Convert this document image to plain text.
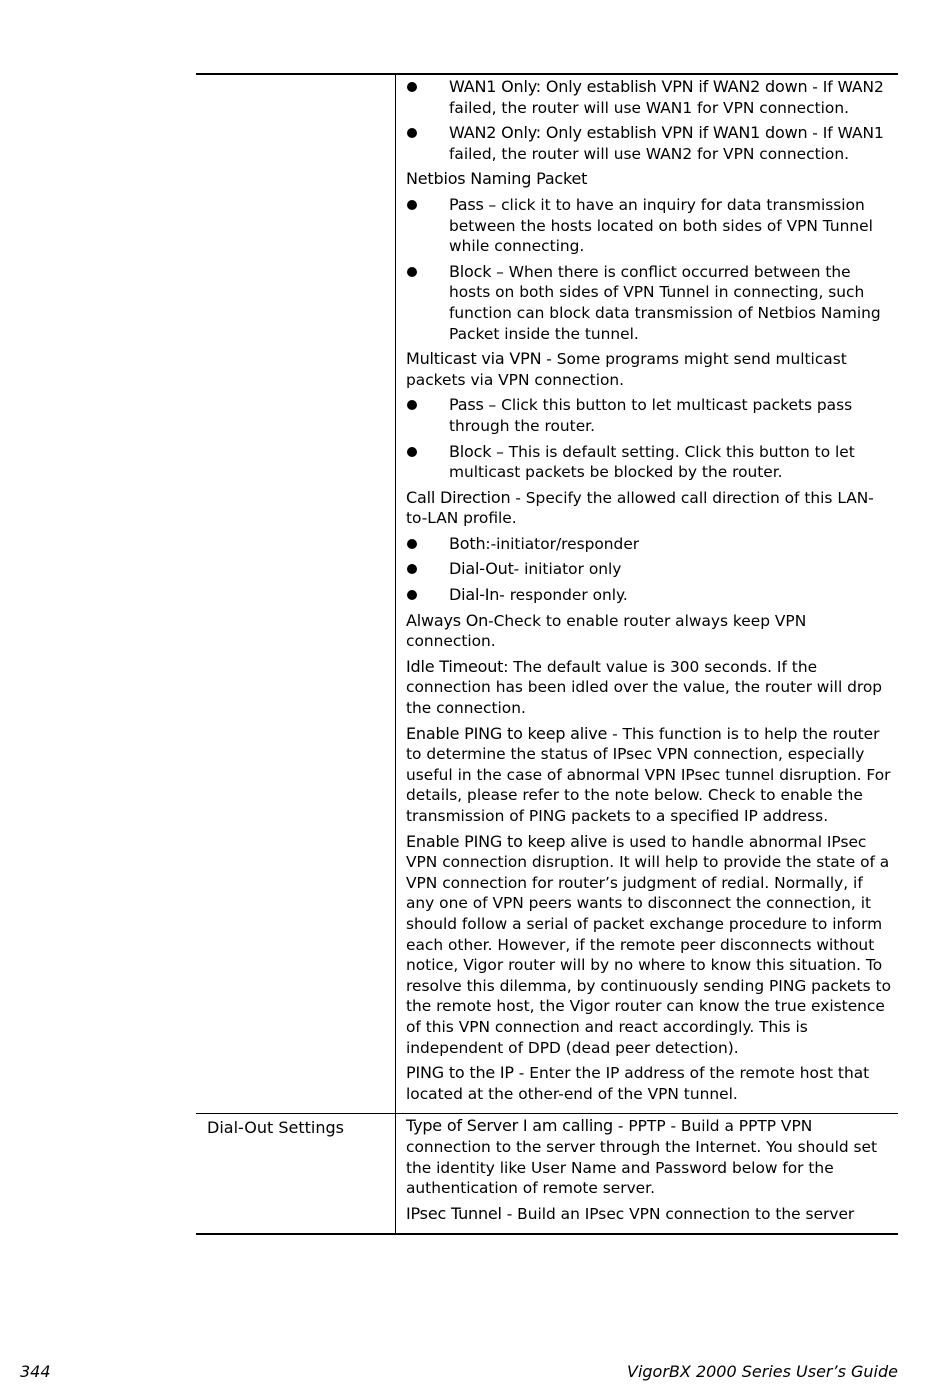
WAN1 Only: Only establish VPN if WAN2 down - If WAN2 failed, the router will use WAN1 for VPN connection.
WAN2 Only: Only establish VPN if WAN1 down - If WAN1 failed, the router will use WAN2 for VPN connection.

Netbios Naming Packet

Pass – click it to have an inquiry for data transmission between the hosts located on both sides of VPN Tunnel while connecting.
Block – When there is conflict occurred between the hosts on both sides of VPN Tunnel in connecting, such function can block data transmission of Netbios Naming Packet inside the tunnel.

Multicast via VPN - Some programs might send multicast packets via VPN connection.

Pass – Click this button to let multicast packets pass through the router.
Block – This is default setting. Click this button to let multicast packets be blocked by the router.

Call Direction - Specify the allowed call direction of this LAN-to-LAN profile.

Both:-initiator/responder
Dial-Out- initiator only
Dial-In- responder only.

Always On-Check to enable router always keep VPN connection.

Idle Timeout: The default value is 300 seconds. If the connection has been idled over the value, the router will drop the connection.

Enable PING to keep alive - This function is to help the router to determine the status of IPsec VPN connection, especially useful in the case of abnormal VPN IPsec tunnel disruption. For details, please refer to the note below. Check to enable the transmission of PING packets to a specified IP address.

Enable PING to keep alive is used to handle abnormal IPsec VPN connection disruption. It will help to provide the state of a VPN connection for router’s judgment of redial. Normally, if any one of VPN peers wants to disconnect the connection, it should follow a serial of packet exchange procedure to inform each other. However, if the remote peer disconnects without notice, Vigor router will by no where to know this situation. To resolve this dilemma, by continuously sending PING packets to the remote host, the Vigor router can know the true existence of this VPN connection and react accordingly. This is independent of DPD (dead peer detection).

PING to the IP - Enter the IP address of the remote host that located at the other-end of the VPN tunnel.

Dial-Out Settings	Type of Server I am calling - PPTP - Build a PPTP VPN connection to the server through the Internet. You should set the identity like User Name and Password below for the authentication of remote server.

IPsec Tunnel - Build an IPsec VPN connection to the server

344	VigorBX 2000 Series User’s Guide
